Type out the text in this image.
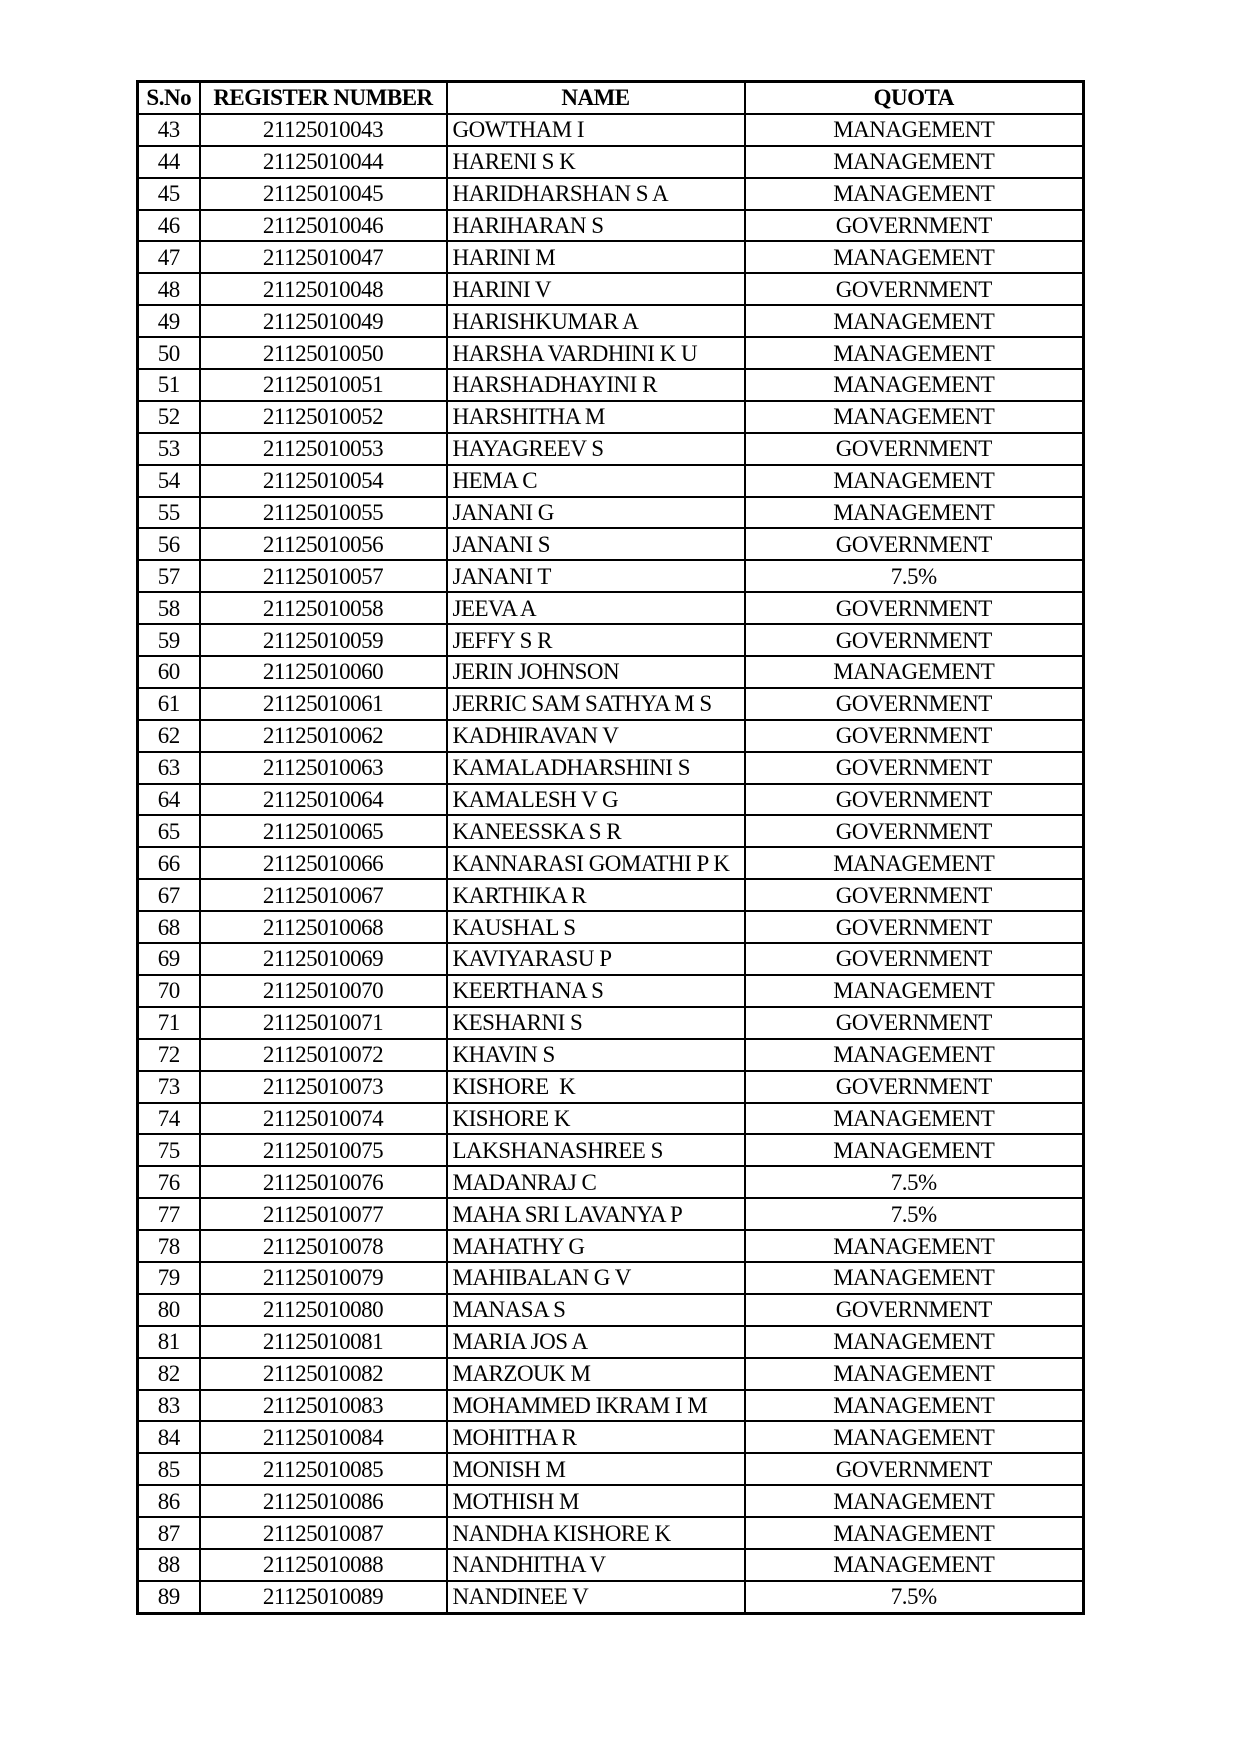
S.No	REGISTER NUMBER	NAME	QUOTA
43	21125010043	GOWTHAM I	MANAGEMENT
44	21125010044	HARENI S K	MANAGEMENT
45	21125010045	HARIDHARSHAN S A	MANAGEMENT
46	21125010046	HARIHARAN S	GOVERNMENT
47	21125010047	HARINI M	MANAGEMENT
48	21125010048	HARINI V	GOVERNMENT
49	21125010049	HARISHKUMAR A	MANAGEMENT
50	21125010050	HARSHA VARDHINI K U	MANAGEMENT
51	21125010051	HARSHADHAYINI R	MANAGEMENT
52	21125010052	HARSHITHA M	MANAGEMENT
53	21125010053	HAYAGREEV S	GOVERNMENT
54	21125010054	HEMA C	MANAGEMENT
55	21125010055	JANANI G	MANAGEMENT
56	21125010056	JANANI S	GOVERNMENT
57	21125010057	JANANI T	7.5%
58	21125010058	JEEVA A	GOVERNMENT
59	21125010059	JEFFY S R	GOVERNMENT
60	21125010060	JERIN JOHNSON	MANAGEMENT
61	21125010061	JERRIC SAM SATHYA M S	GOVERNMENT
62	21125010062	KADHIRAVAN V	GOVERNMENT
63	21125010063	KAMALADHARSHINI S	GOVERNMENT
64	21125010064	KAMALESH V G	GOVERNMENT
65	21125010065	KANEESSKA S R	GOVERNMENT
66	21125010066	KANNARASI GOMATHI P K	MANAGEMENT
67	21125010067	KARTHIKA R	GOVERNMENT
68	21125010068	KAUSHAL S	GOVERNMENT
69	21125010069	KAVIYARASU P	GOVERNMENT
70	21125010070	KEERTHANA S	MANAGEMENT
71	21125010071	KESHARNI S	GOVERNMENT
72	21125010072	KHAVIN S	MANAGEMENT
73	21125010073	KISHORE  K	GOVERNMENT
74	21125010074	KISHORE K	MANAGEMENT
75	21125010075	LAKSHANASHREE S	MANAGEMENT
76	21125010076	MADANRAJ C	7.5%
77	21125010077	MAHA SRI LAVANYA P	7.5%
78	21125010078	MAHATHY G	MANAGEMENT
79	21125010079	MAHIBALAN G V	MANAGEMENT
80	21125010080	MANASA S	GOVERNMENT
81	21125010081	MARIA JOS A	MANAGEMENT
82	21125010082	MARZOUK M	MANAGEMENT
83	21125010083	MOHAMMED IKRAM I M	MANAGEMENT
84	21125010084	MOHITHA R	MANAGEMENT
85	21125010085	MONISH M	GOVERNMENT
86	21125010086	MOTHISH M	MANAGEMENT
87	21125010087	NANDHA KISHORE K	MANAGEMENT
88	21125010088	NANDHITHA V	MANAGEMENT
89	21125010089	NANDINEE V	7.5%
